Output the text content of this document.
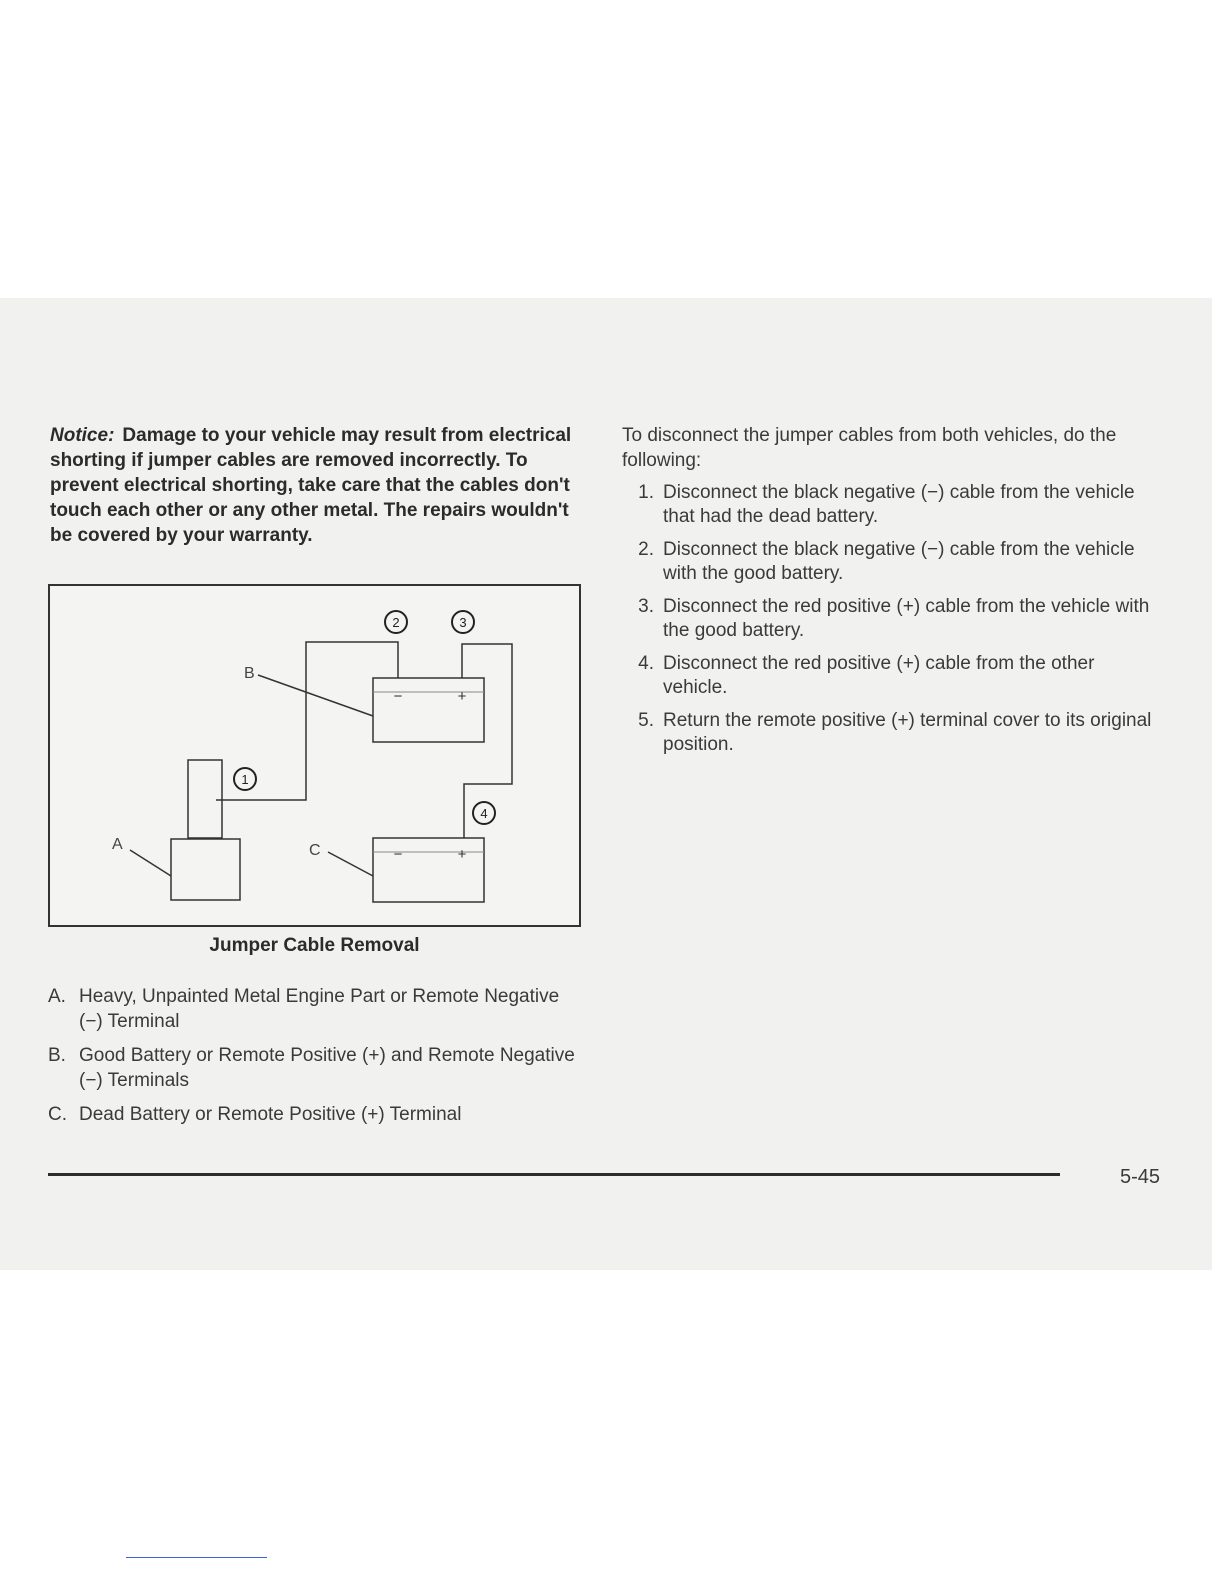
Notice: Damage to your vehicle may result from electrical shorting if jumper cables are removed incorrectly. To prevent electrical shorting, take care that the cables don't touch each other or any other metal. The repairs wouldn't be covered by your warranty.

−	+
−	+
B
A	C
1
2	3
4
Jumper Cable Removal
A. Heavy, Unpainted Metal Engine Part or Remote Negative (−) Terminal
B. Good Battery or Remote Positive (+) and Remote Negative (−) Terminals
C. Dead Battery or Remote Positive (+) Terminal

To disconnect the jumper cables from both vehicles, do the following:

1. Disconnect the black negative (−) cable from the vehicle that had the dead battery.
2. Disconnect the black negative (−) cable from the vehicle with the good battery.
3. Disconnect the red positive (+) cable from the vehicle with the good battery.
4. Disconnect the red positive (+) cable from the other vehicle.
5. Return the remote positive (+) terminal cover to its original position.
5-45
